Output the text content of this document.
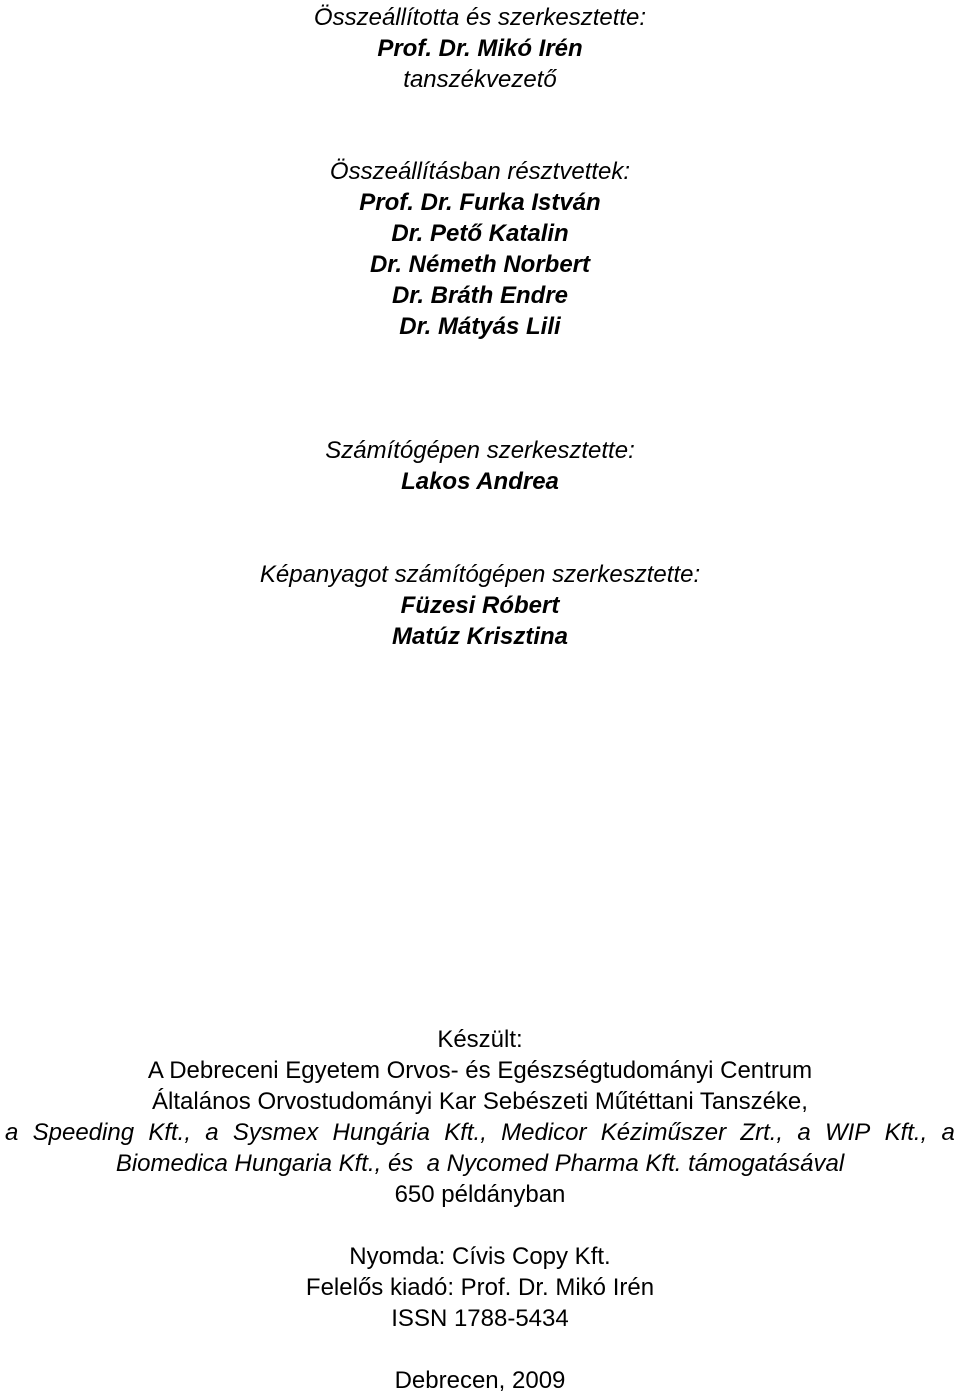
Összeállította és szerkesztette:

Prof. Dr. Mikó Irén

tanszékvezető

Összeállításban résztvettek:

Prof. Dr. Furka István

Dr. Pető Katalin

Dr. Németh Norbert

Dr. Bráth Endre

Dr. Mátyás Lili

Számítógépen szerkesztette:

Lakos Andrea

Képanyagot számítógépen szerkesztette:

Füzesi Róbert

Matúz Krisztina

Készült:

A Debreceni Egyetem Orvos- és Egészségtudományi Centrum

Általános Orvostudományi Kar Sebészeti Műtéttani Tanszéke,

a Speeding Kft., a Sysmex Hungária Kft., Medicor Kéziműszer Zrt., a WIP Kft., a

Biomedica Hungaria Kft., és  a Nycomed Pharma Kft. támogatásával

650 példányban

Nyomda: Cívis Copy Kft.

Felelős kiadó: Prof. Dr. Mikó Irén

ISSN 1788-5434

Debrecen, 2009
